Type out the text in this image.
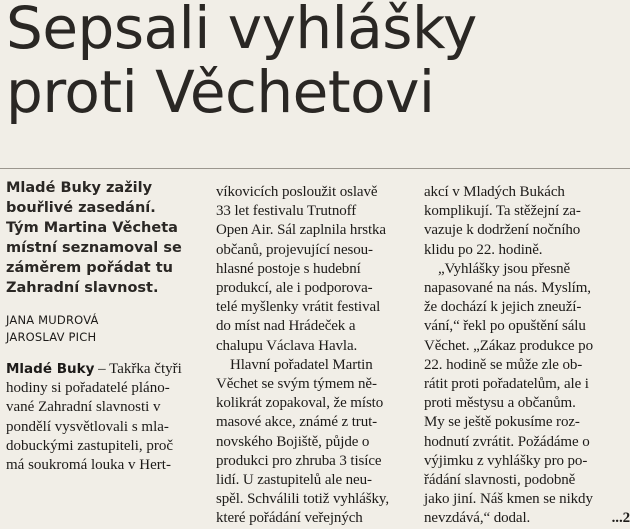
Sepsali vyhlášky
proti Věchetovi
Mladé Buky zažily
bouřlivé zasedání.
Tým Martina Věcheta
místní seznamoval se
záměrem pořádat tu
Zahradní slavnost.
JANA MUDROVÁ
JAROSLAV PICH
Mladé Buky – Takřka čtyři
hodiny si pořadatelé pláno-
vané Zahradní slavnosti v
pondělí vysvětlovali s mla-
dobuckými zastupiteli, proč
má soukromá louka v Hert-
víkovicích posloužit oslavě
33 let festivalu Trutnoff
Open Air. Sál zaplnila hrstka
občanů, projevující nesou-
hlasné postoje s hudební
produkcí, ale i podporova-
telé myšlenky vrátit festival
do míst nad Hrádeček a
chalupu Václava Havla.
Hlavní pořadatel Martin
Věchet se svým týmem ně-
kolikrát zopakoval, že místo
masové akce, známé z trut-
novského Bojiště, půjde o
produkci pro zhruba 3 tisíce
lidí. U zastupitelů ale neu-
spěl. Schválili totiž vyhlášky,
které pořádání veřejných
akcí v Mladých Bukách
komplikují. Ta stěžejní za-
vazuje k dodržení nočního
klidu po 22. hodině.
„Vyhlášky jsou přesně
napasované na nás. Myslím,
že dochází k jejich zneuží-
vání,“ řekl po opuštění sálu
Věchet. „Zákaz produkce po
22. hodině se může zle ob-
rátit proti pořadatelům, ale i
proti městysu a občanům.
My se ještě pokusíme roz-
hodnutí zvrátit. Požádáme o
výjimku z vyhlášky pro po-
řádání slavnosti, podobně
jako jiní. Náš kmen se nikdy
nevzdává,“ dodal.	...2
